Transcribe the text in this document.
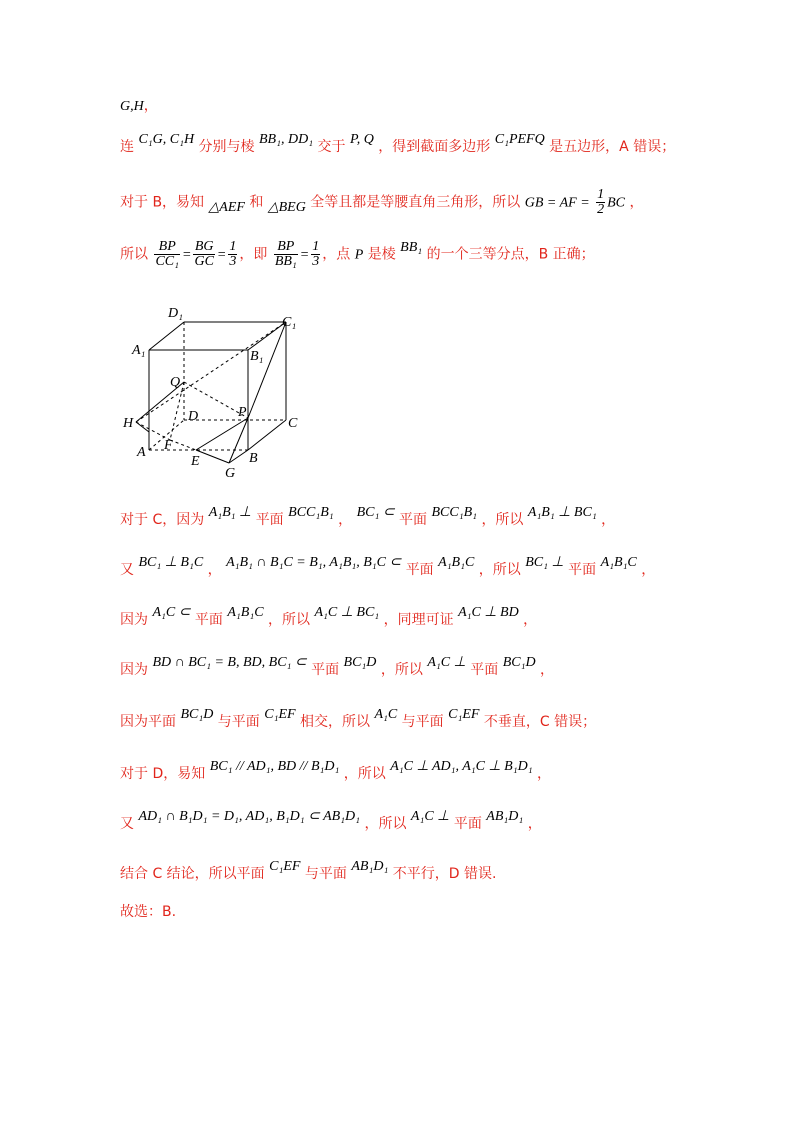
G,H，
连 C₁G, C₁H 分别与棱 BB₁, DD₁ 交于 P, Q ，得到截面多边形 C₁PEFQ 是五边形，A 错误；
对于 B，易知 △AEF 和 △BEG 全等且都是等腰直角三角形，所以 GB = AF = $\frac{1}{2}$ BC ，
所以 $\frac{BP}{\text{CC₁}} = \frac{BG}{GC} = \frac{1}{3}$ ，即 $\frac{BP}{\text{BB₁}} = \frac{1}{3}$ ，点 P 是棱 BB₁ 的一个三等分点，B 正确；
D₁
C₁
A₁	B₁
Q
D	P
H	C
F
A
E	B
G
对于 C，因为 A₁B₁ ⊥ 平面 BCC₁B₁ ， BC₁ ⊂ 平面 BCC₁B₁ ，所以 A₁B₁ ⊥ BC₁ ，
又 BC₁ ⊥ B₁C ， A₁B₁ ∩ B₁C = B₁, A₁B₁, B₁C ⊂ 平面 A₁B₁C ，所以 BC₁ ⊥ 平面 A₁B₁C ，
因为 A₁C ⊂ 平面 A₁B₁C ，所以 A₁C ⊥ BC₁ ，同理可证 A₁C ⊥ BD ，
因为 BD ∩ BC₁ = B, BD, BC₁ ⊂ 平面 BC₁D ，所以 A₁C ⊥ 平面 BC₁D ，
因为平面 BC₁D 与平面 C₁EF 相交，所以 A₁C 与平面 C₁EF 不垂直，C 错误；
对于 D，易知 BC₁ // AD₁, BD // B₁D₁ ，所以 A₁C ⊥ AD₁, A₁C ⊥ B₁D₁ ，
又 AD₁ ∩ B₁D₁ = D₁, AD₁, B₁D₁ ⊂ AB₁D₁ ，所以 A₁C ⊥ 平面 AB₁D₁ ，
结合 C 结论，所以平面 C₁EF 与平面 AB₁D₁ 不平行，D 错误.
故选：B.
